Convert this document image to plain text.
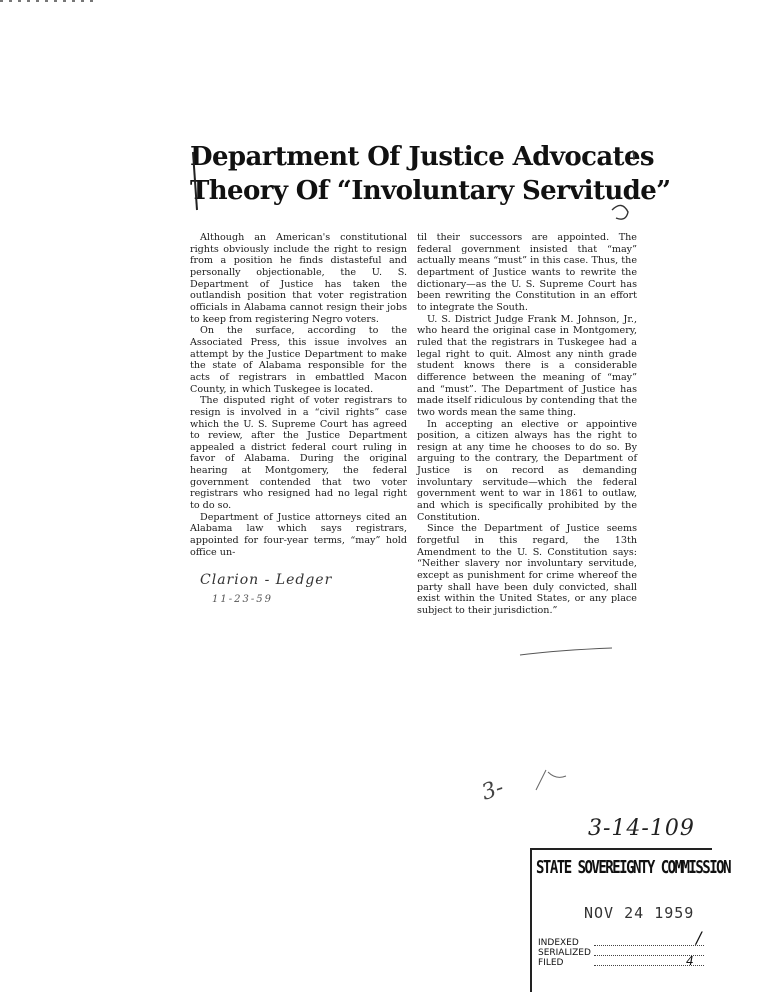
Department Of Justice Advocates
Theory Of “Involuntary Servitude”

Although an American's constitutional rights obviously include the right to resign from a position he finds distasteful and personally objectionable, the U. S. Department of Justice has taken the outlandish position that voter registration officials in Alabama cannot resign their jobs to keep from registering Negro voters.

On the surface, according to the Associated Press, this issue involves an attempt by the Justice Department to make the state of Alabama responsible for the acts of registrars in embattled Macon County, in which Tuskegee is located.

The disputed right of voter registrars to resign is involved in a “civil rights” case which the U. S. Supreme Court has agreed to review, after the Justice Department appealed a district federal court ruling in favor of Alabama. During the original hearing at Montgomery, the federal government contended that two voter registrars who resigned had no legal right to do so.

Department of Justice attorneys cited an Alabama law which says registrars, appointed for four-year terms, “may” hold office un-

til their successors are appointed. The federal government insisted that “may” actually means “must” in this case. Thus, the department of Justice wants to rewrite the dictionary—as the U. S. Supreme Court has been rewriting the Constitution in an effort to integrate the South.

U. S. District Judge Frank M. Johnson, Jr., who heard the original case in Montgomery, ruled that the registrars in Tuskegee had a legal right to quit. Almost any ninth grade student knows there is a considerable difference between the meaning of “may” and “must”. The Department of Justice has made itself ridiculous by contending that the two words mean the same thing.

In accepting an elective or appointive position, a citizen always has the right to resign at any time he chooses to do so. By arguing to the contrary, the Department of Justice is on record as demanding involuntary servitude—which the federal government went to war in 1861 to outlaw, and which is specifically prohibited by the Constitution.

Since the Department of Justice seems forgetful in this regard, the 13th Amendment to the U. S. Constitution says: “Neither slavery nor involuntary servitude, except as punishment for crime whereof the party shall have been duly convicted, shall exist within the United States, or any place subject to their jurisdiction.”

Clarion - Ledger
11-23-59
3-
3-14-109
STATE SOVEREIGNTY COMMISSION
NOV 24 1959
INDEXED	/
SERIALIZED
FILED	4
